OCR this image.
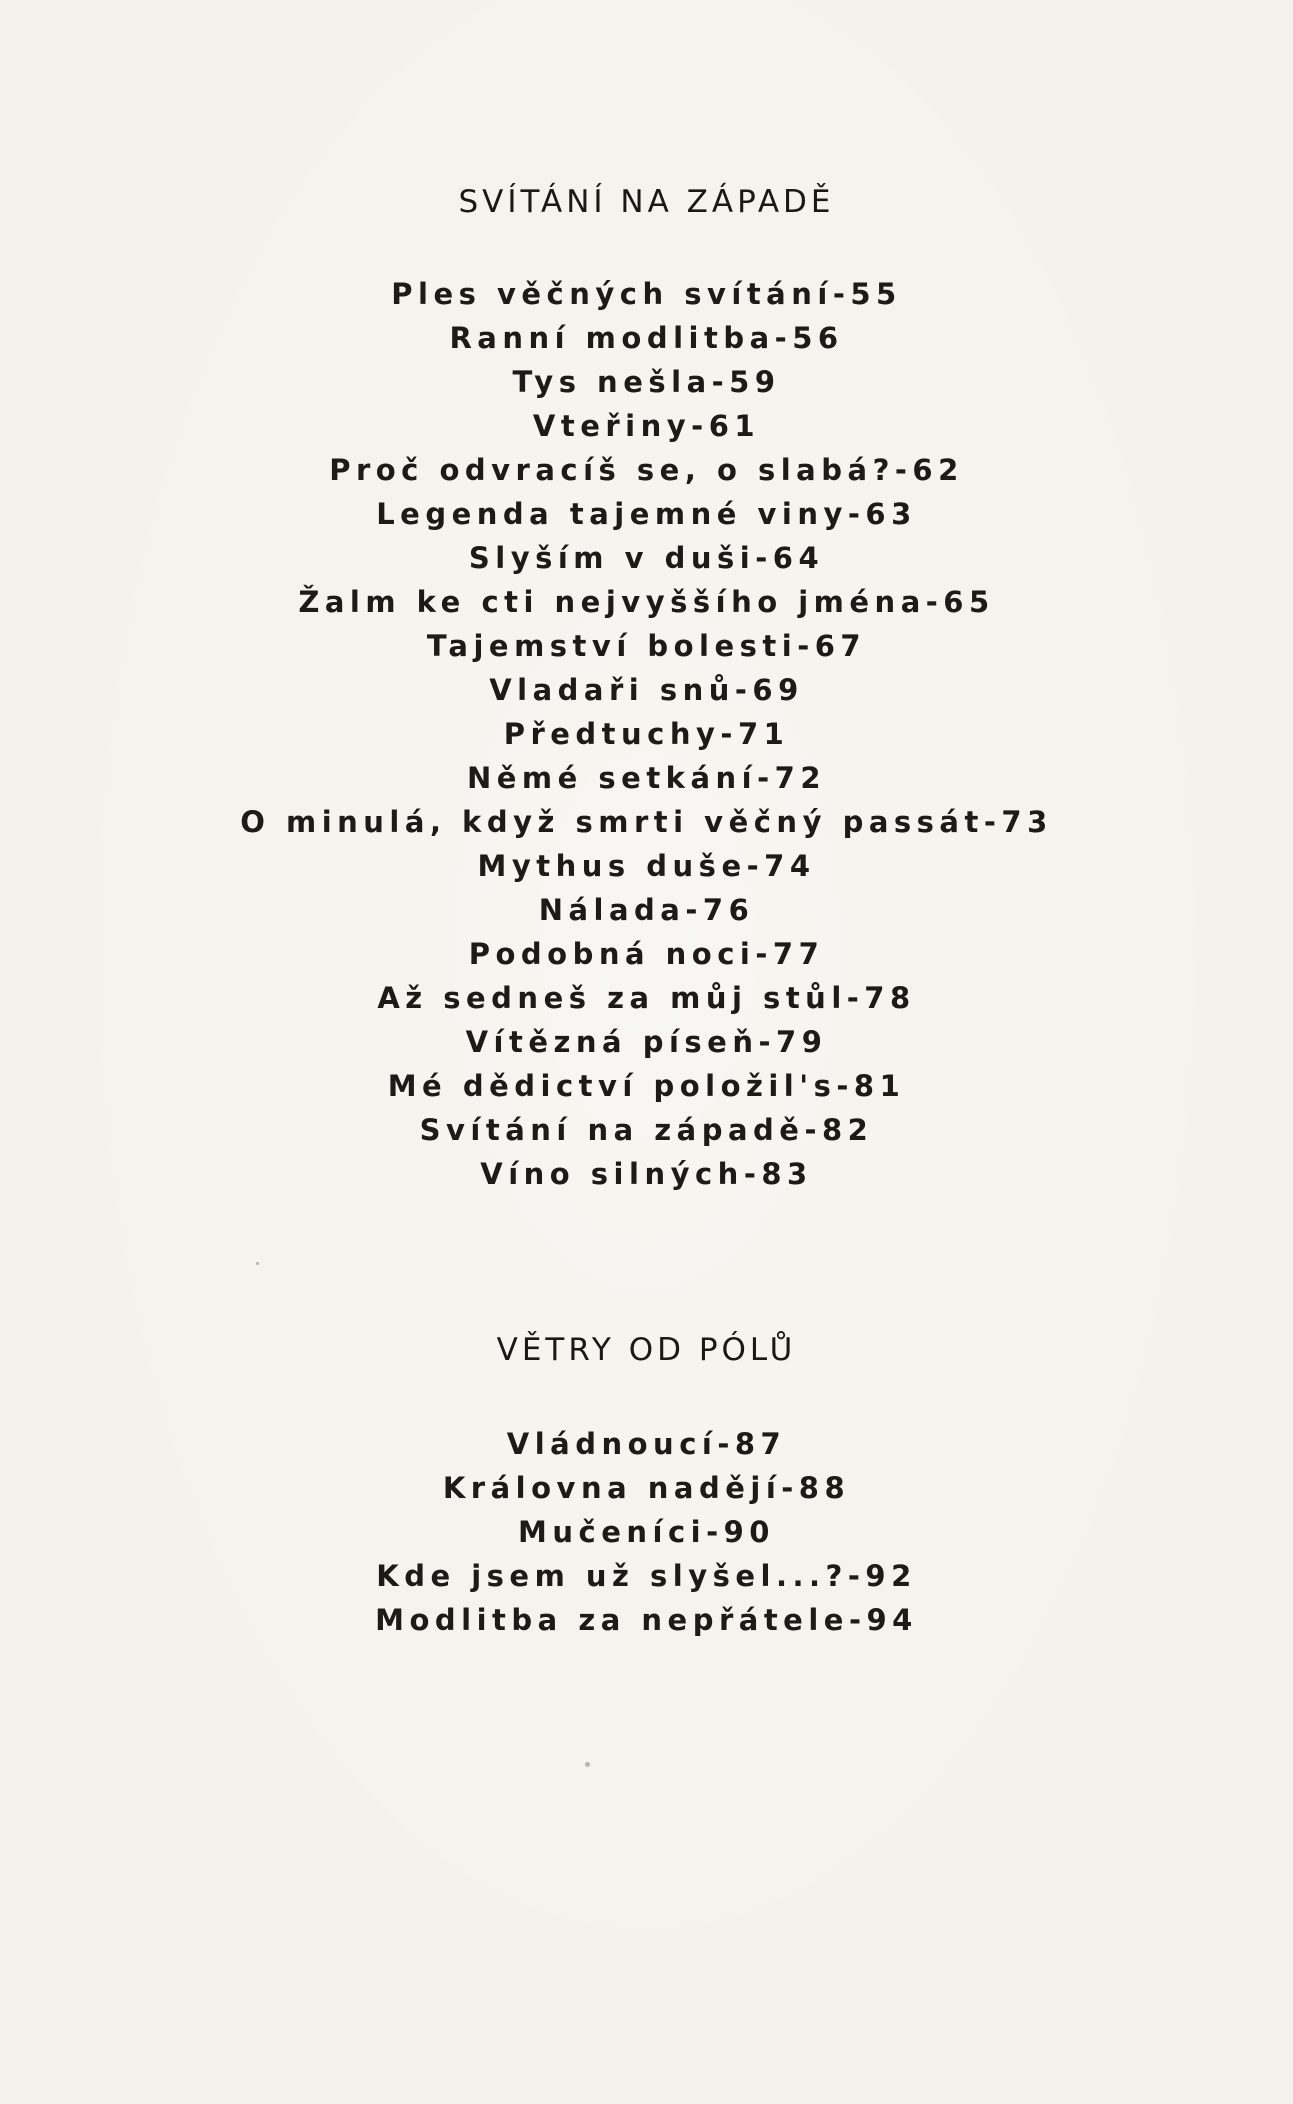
SVÍTÁNÍ NA ZÁPADĚ
Ples věčných svítání-55
Ranní modlitba-56
Tys nešla-59
Vteřiny-61
Proč odvracíš se, o slabá?-62
Legenda tajemné viny-63
Slyším v duši-64
Žalm ke cti nejvyššího jména-65
Tajemství bolesti-67
Vladaři snů-69
Předtuchy-71
Němé setkání-72
O minulá, když smrti věčný passát-73
Mythus duše-74
Nálada-76
Podobná noci-77
Až sedneš za můj stůl-78
Vítězná píseň-79
Mé dědictví položil's-81
Svítání na západě-82
Víno silných-83
VĚTRY OD PÓLŮ
Vládnoucí-87
Královna nadějí-88
Mučeníci-90
Kde jsem už slyšel...?-92
Modlitba za nepřátele-94
